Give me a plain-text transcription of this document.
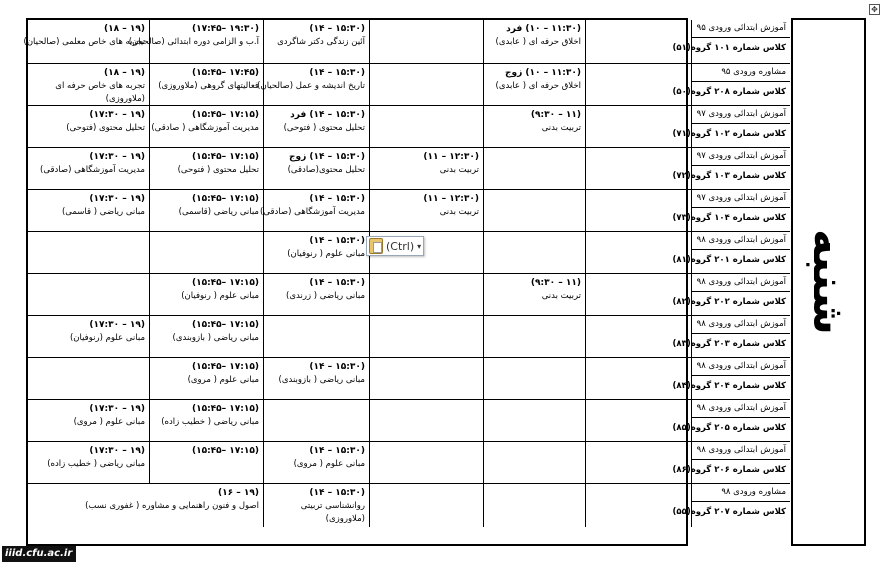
✥
(۱۹ – ۱۸)
تجربه های خاص معلمی (صالحیان)
(۱۹:۳۰ –۱۷:۴۵)
آ.ب و الزامی دوره ابتدائی (صالحیان)
(۱۵:۳۰ – ۱۴)
آئین زندگی دکتر شاگردی
(۱۱:۳۰ – ۱۰) فرد
اخلاق حرفه ای ( عابدی)
آموزش ابتدائی ورودی ۹۵
کلاس شماره ۱۰۱ گروه(۵۱)
(۱۹ – ۱۸)
تجربه های خاص حرفه ای
(ملاوروزی)
(۱۷:۴۵ –۱۵:۴۵)
فعالیتهای گروهی (ملاوروزی)
(۱۵:۳۰ – ۱۴)
تاریخ اندیشه و عمل (صالحیان)
(۱۱:۳۰ – ۱۰) زوج
اخلاق حرفه ای ( عابدی)
مشاوره ورودی ۹۵
کلاس شماره ۲۰۸ گروه(۵۰)
(۱۹ – ۱۷:۳۰)
تحلیل محتوی (فتوحی)
(۱۷:۱۵ –۱۵:۴۵)
مدیریت آموزشگاهی ( صادقی)
(۱۵:۳۰ – ۱۴) فرد
تحلیل محتوی ( فتوحی)
(۱۱ – ۹:۳۰)
تربیت بدنی
آموزش ابتدائی ورودی ۹۷
کلاس شماره ۱۰۲ گروه(۷۱)
(۱۹ – ۱۷:۳۰)
مدیریت آموزشگاهی (صادقی)
(۱۷:۱۵ –۱۵:۴۵)
تحلیل محتوی ( فتوحی)
(۱۵:۳۰ – ۱۴) زوج
تحلیل محتوی(صادقی)
(۱۲:۳۰ – ۱۱)
تربیت بدنی
آموزش ابتدائی ورودی ۹۷
کلاس شماره ۱۰۳ گروه(۷۲)
(۱۹ – ۱۷:۳۰)
مبانی ریاضی ( قاسمی)
(۱۷:۱۵ –۱۵:۴۵)
مبانی ریاضی (قاسمی)
(۱۵:۳۰ – ۱۴)
مدیریت آموزشگاهی (صادقی)
(۱۲:۳۰ – ۱۱)
تربیت بدنی
آموزش ابتدائی ورودی ۹۷
کلاس شماره ۱۰۴ گروه(۷۳)
(۱۵:۳۰ – ۱۴)
مبانی علوم ( رنوفیان)
آموزش ابتدائی ورودی ۹۸
کلاس شماره ۲۰۱ گروه(۸۱)
(۱۷:۱۵ –۱۵:۴۵)
مبانی علوم ( رنوفیان)
(۱۵:۳۰ – ۱۴)
مبانی ریاضی ( زرندی)
(۱۱ – ۹:۳۰)
تربیت بدنی
آموزش ابتدائی ورودی ۹۸
کلاس شماره ۲۰۲ گروه(۸۲)
(۱۹ – ۱۷:۳۰)
مبانی علوم (رنوفیان)
(۱۷:۱۵ –۱۵:۴۵)
مبانی ریاضی ( بازوبندی)
آموزش ابتدائی ورودی ۹۸
کلاس شماره ۲۰۳ گروه(۸۳)
(۱۷:۱۵ –۱۵:۴۵)
مبانی علوم ( مروی)
(۱۵:۳۰ – ۱۴)
مبانی ریاضی ( بازوبندی)
آموزش ابتدائی ورودی ۹۸
کلاس شماره ۲۰۴ گروه(۸۴)
(۱۹ – ۱۷:۳۰)
مبانی علوم ( مروی)
(۱۷:۱۵ –۱۵:۴۵)
مبانی ریاضی ( خطیب زاده)
آموزش ابتدائی ورودی ۹۸
کلاس شماره ۲۰۵ گروه(۸۵)
(۱۹ – ۱۷:۳۰)
مبانی ریاضی ( خطیب زاده)
(۱۷:۱۵ –۱۵:۴۵)	(۱۵:۳۰ – ۱۴)
مبانی علوم ( مروی)
آموزش ابتدائی ورودی ۹۸
کلاس شماره ۲۰۶ گروه(۸۶)
(۱۹ – ۱۶)
اصول و فنون راهنمایی و مشاوره ( غفوری نسب)
(۱۵:۳۰ – ۱۴)
روانشناسی تربیتی
(ملاوروزی)
مشاوره ورودی ۹۸
کلاس شماره ۲۰۷ گروه(۵۵)
شنبه
(Ctrl) ▾
iiid.cfu.ac.ir
